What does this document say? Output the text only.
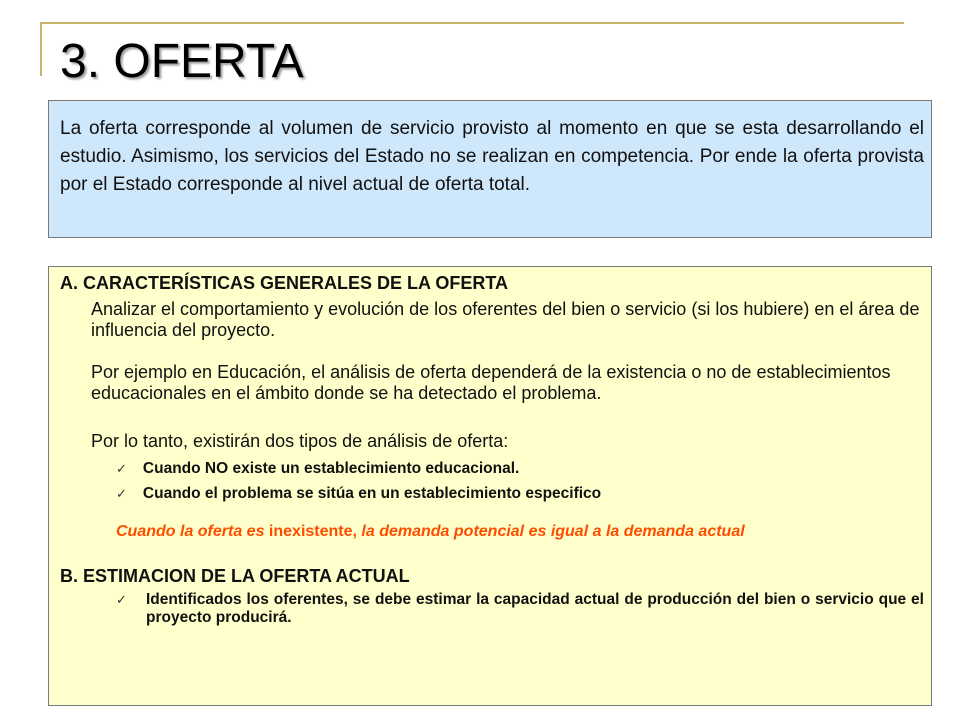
3. OFERTA

La oferta corresponde al volumen de servicio provisto al momento en que se esta desarrollando el estudio. Asimismo, los servicios del Estado no se realizan en competencia. Por ende la oferta provista por el Estado corresponde al nivel actual de oferta total.

A. CARACTERÍSTICAS GENERALES DE LA OFERTA

Analizar el comportamiento y evolución de los oferentes del bien o servicio (si los hubiere) en el área de influencia del proyecto.

Por ejemplo en Educación, el análisis de oferta dependerá de la existencia o no de establecimientos educacionales en el ámbito donde se ha detectado el problema.

Por lo tanto, existirán dos tipos de análisis de oferta:

✓ Cuando NO existe un establecimiento educacional.
✓ Cuando el problema se sitúa en un establecimiento especifico
Cuando la oferta es inexistente, la demanda potencial es igual a la demanda actual
B. ESTIMACION DE LA OFERTA ACTUAL
✓ Identificados los oferentes, se debe estimar la capacidad actual de producción del bien o servicio que el proyecto producirá.
